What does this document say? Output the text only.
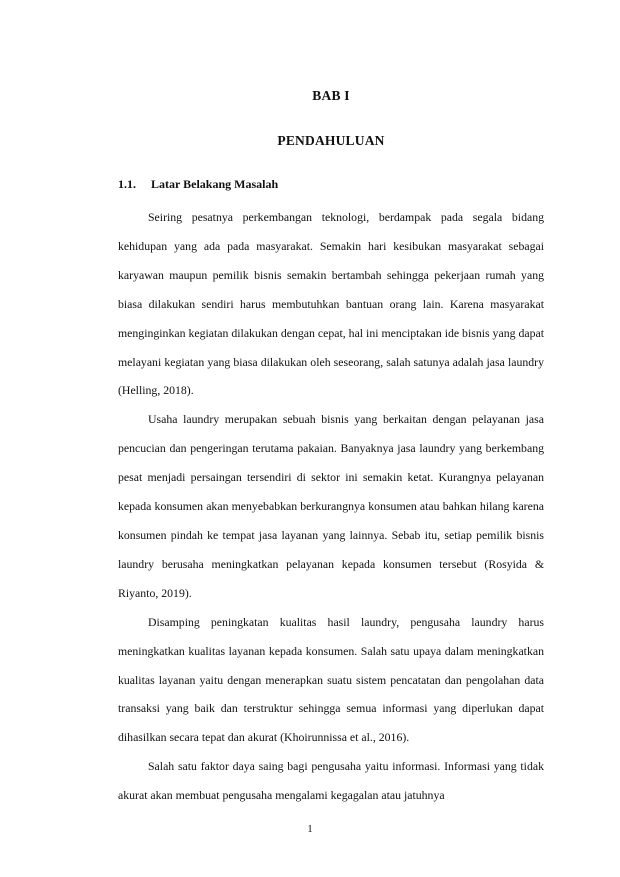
BAB I
PENDAHULUAN
1.1. Latar Belakang Masalah

Seiring pesatnya perkembangan teknologi, berdampak pada segala bidang kehidupan yang ada pada masyarakat. Semakin hari kesibukan masyarakat sebagai karyawan maupun pemilik bisnis semakin bertambah sehingga pekerjaan rumah yang biasa dilakukan sendiri harus membutuhkan bantuan orang lain. Karena masyarakat menginginkan kegiatan dilakukan dengan cepat, hal ini menciptakan ide bisnis yang dapat melayani kegiatan yang biasa dilakukan oleh seseorang, salah satunya adalah jasa laundry (Helling, 2018).

Usaha laundry merupakan sebuah bisnis yang berkaitan dengan pelayanan jasa pencucian dan pengeringan terutama pakaian. Banyaknya jasa laundry yang berkembang pesat menjadi persaingan tersendiri di sektor ini semakin ketat. Kurangnya pelayanan kepada konsumen akan menyebabkan berkurangnya konsumen atau bahkan hilang karena konsumen pindah ke tempat jasa layanan yang lainnya. Sebab itu, setiap pemilik bisnis laundry berusaha meningkatkan pelayanan kepada konsumen tersebut (Rosyida & Riyanto, 2019).

Disamping peningkatan kualitas hasil laundry, pengusaha laundry harus meningkatkan kualitas layanan kepada konsumen. Salah satu upaya dalam meningkatkan kualitas layanan yaitu dengan menerapkan suatu sistem pencatatan dan pengolahan data transaksi yang baik dan terstruktur sehingga semua informasi yang diperlukan dapat dihasilkan secara tepat dan akurat (Khoirunnissa et al., 2016).

Salah satu faktor daya saing bagi pengusaha yaitu informasi. Informasi yang tidak akurat akan membuat pengusaha mengalami kegagalan atau jatuhnya

1
